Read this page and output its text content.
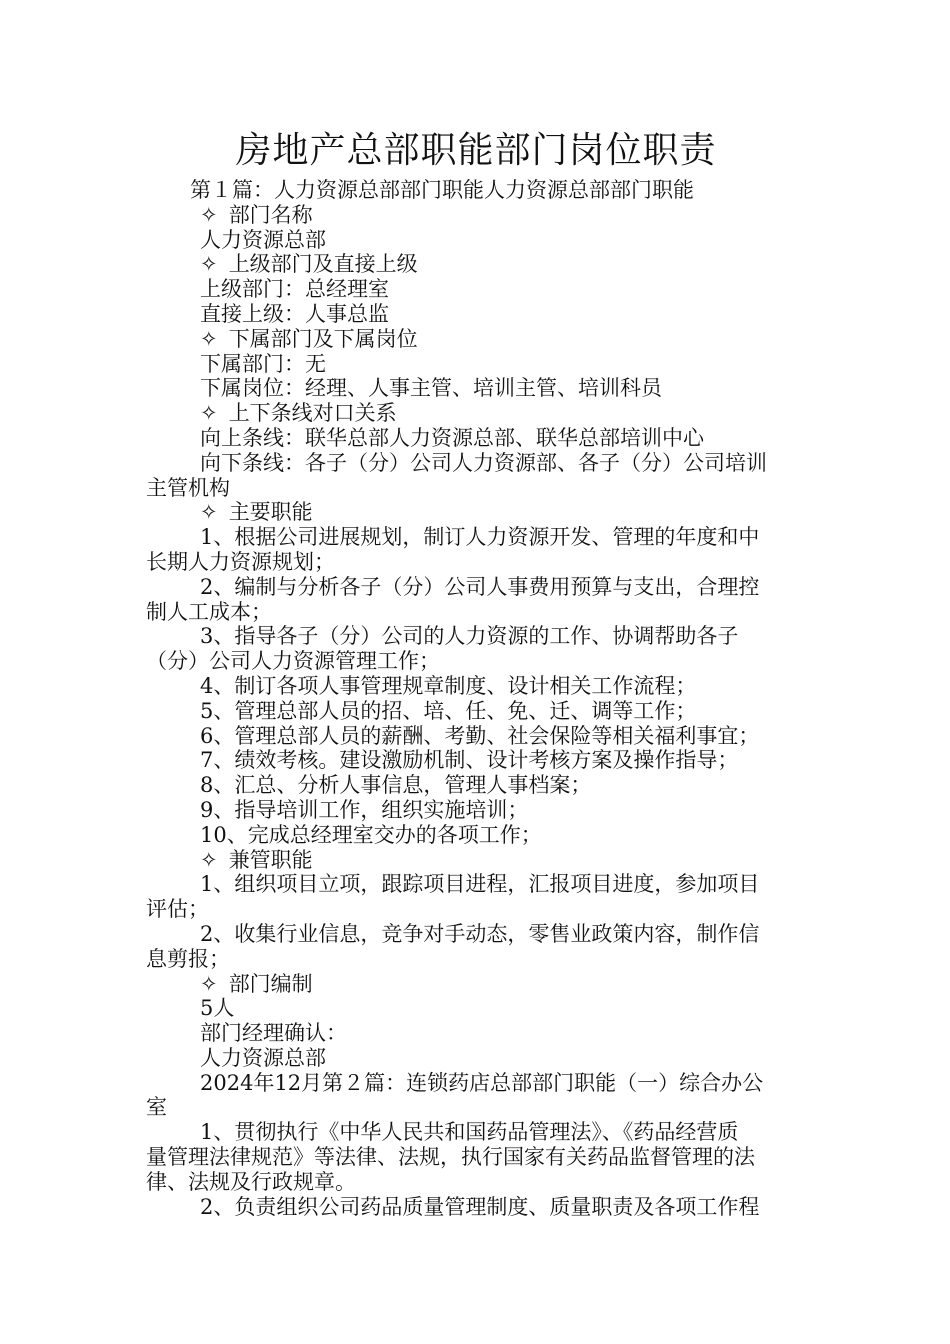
房地产总部职能部门岗位职责

第１篇：人力资源总部部门职能人力资源总部部门职能

✧ 部门名称

人力资源总部

✧ 上级部门及直接上级

上级部门：总经理室

直接上级：人事总监

✧ 下属部门及下属岗位

下属部门：无

下属岗位：经理、人事主管、培训主管、培训科员

✧ 上下条线对口关系

向上条线：联华总部人力资源总部、联华总部培训中心

向下条线：各子（分）公司人力资源部、各子（分）公司培训

主管机构

✧ 主要职能

1、根据公司进展规划，制订人力资源开发、管理的年度和中

长期人力资源规划；

2、编制与分析各子（分）公司人事费用预算与支出，合理控

制人工成本；

3、指导各子（分）公司的人力资源的工作、协调帮助各子

（分）公司人力资源管理工作；

4、制订各项人事管理规章制度、设计相关工作流程；

5、管理总部人员的招、培、任、免、迁、调等工作；

6、管理总部人员的薪酬、考勤、社会保险等相关福利事宜；

7、绩效考核。建设激励机制、设计考核方案及操作指导；

8、汇总、分析人事信息，管理人事档案；

9、指导培训工作，组织实施培训；

10、完成总经理室交办的各项工作；

✧ 兼管职能

1、组织项目立项，跟踪项目进程，汇报项目进度，参加项目

评估；

2、收集行业信息，竞争对手动态，零售业政策内容，制作信

息剪报；

✧ 部门编制

5人

部门经理确认：

人力资源总部

2024年12月第２篇：连锁药店总部部门职能（一）综合办公

室

1、贯彻执行《中华人民共和国药品管理法》、《药品经营质

量管理法律规范》等法律、法规，执行国家有关药品监督管理的法

律、法规及行政规章。

2、负责组织公司药品质量管理制度、质量职责及各项工作程
